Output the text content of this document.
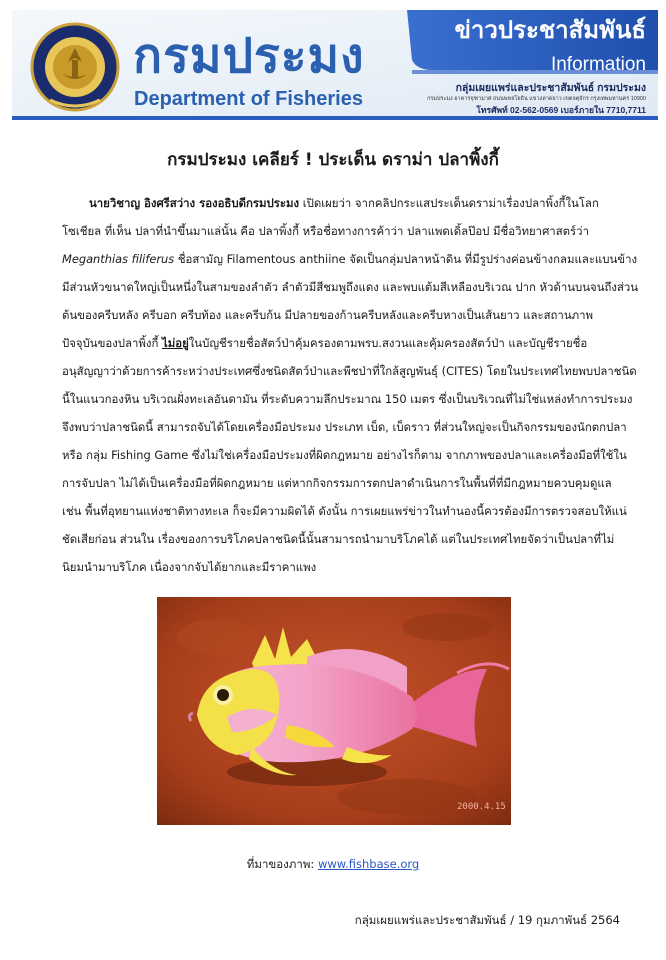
กรมประมง
Department of Fisheries
ข่าวประชาสัมพันธ์
Information
กลุ่มเผยแพร่และประชาสัมพันธ์ กรมประมง
กรมประมง อาคารจุฑามาศ ถนนพหลโยธิน แขวงลาดยาว เขตจตุจักร กรุงเทพมหานคร 10900
โทรศัพท์ 02-562-0569 เบอร์ภายใน 7710,7711
กรมประมง เคลียร์ ! ประเด็น ดราม่า ปลาพิ้งกี้
นายวิชาญ อิงศรีสว่าง รองอธิบดีกรมประมง เปิดเผยว่า จากคลิปกระแสประเด็นดราม่าเรื่องปลาพิ้งกี้ในโลก
โซเชียล ที่เห็น ปลาที่นำขึ้นมาแล่นั้น คือ ปลาพิ้งกี้ หรือชื่อทางการค้าว่า ปลาแพดเดิ้ลป๊อป มีชื่อวิทยาศาสตร์ว่า
Meganthias filiferus ชื่อสามัญ Filamentous anthiine จัดเป็นกลุ่มปลาหน้าดิน ที่มีรูปร่างค่อนข้างกลมและแบนข้าง
มีส่วนหัวขนาดใหญ่เป็นหนึ่งในสามของลำตัว ลำตัวมีสีชมพูถึงแดง และพบแต้มสีเหลืองบริเวณ ปาก หัวด้านบนจนถึงส่วน
ต้นของครีบหลัง ครีบอก ครีบท้อง และครีบก้น มีปลายของก้านครีบหลังและครีบหางเป็นเส้นยาว และสถานภาพ
ปัจจุบันของปลาพิ้งกี้ ไม่อยู่ในบัญชีรายชื่อสัตว์ป่าคุ้มครองตามพรบ.สงวนและคุ้มครองสัตว์ป่า และบัญชีรายชื่อ
อนุสัญญาว่าด้วยการค้าระหว่างประเทศซึ่งชนิดสัตว์ป่าและพืชป่าที่ใกล้สูญพันธุ์ (CITES) โดยในประเทศไทยพบปลาชนิด
นี้ในแนวกองหิน บริเวณฝั่งทะเลอันดามัน ที่ระดับความลึกประมาณ 150 เมตร ซึ่งเป็นบริเวณที่ไม่ใช่แหล่งทำการประมง
จึงพบว่าปลาชนิดนี้ สามารถจับได้โดยเครื่องมือประมง ประเภท เบ็ด, เบ็ดราว ที่ส่วนใหญ่จะเป็นกิจกรรมของนักตกปลา
หรือ กลุ่ม Fishing Game ซึ่งไม่ใช่เครื่องมือประมงที่ผิดกฎหมาย อย่างไรก็ตาม จากภาพของปลาและเครื่องมือที่ใช้ใน
การจับปลา ไม่ได้เป็นเครื่องมือที่ผิดกฎหมาย แต่หากกิจกรรมการตกปลาดำเนินการในพื้นที่ที่มีกฎหมายควบคุมดูแล
เช่น พื้นที่อุทยานแห่งชาติทางทะเล ก็จะมีความผิดได้ ดังนั้น การเผยแพร่ข่าวในทำนองนี้ควรต้องมีการตรวจสอบให้แน่
ชัดเสียก่อน ส่วนใน เรื่องของการบริโภคปลาชนิดนี้นั้นสามารถนำมาบริโภคได้ แต่ในประเทศไทยจัดว่าเป็นปลาที่ไม่
นิยมนำมาบริโภค เนื่องจากจับได้ยากและมีราคาแพง
2000.4.15
ที่มาของภาพ: www.fishbase.org
กลุ่มเผยแพร่และประชาสัมพันธ์ / 19 กุมภาพันธ์ 2564
